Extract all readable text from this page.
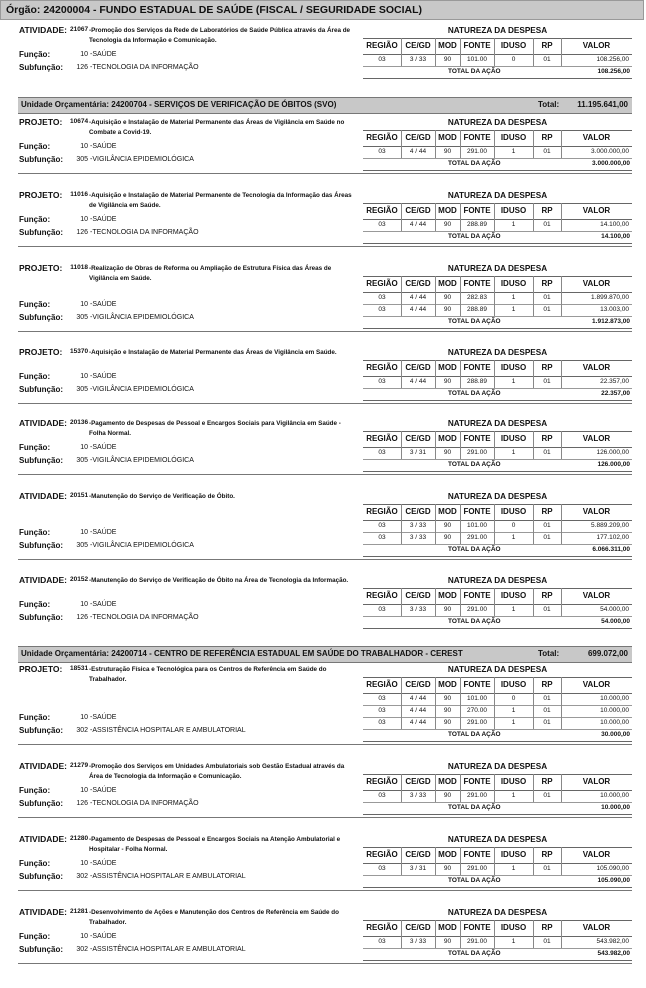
Órgão: 24200004 - FUNDO ESTADUAL DE SAÚDE (FISCAL / SEGURIDADE SOCIAL)
Unidade Orçamentária: 24200704 - SERVIÇOS DE VERIFICAÇÃO DE ÓBITOS (SVO)	Total: 11.195.641,00
Unidade Orçamentária: 24200714 - CENTRO DE REFERÊNCIA ESTADUAL EM SAÚDE DO TRABALHADOR - CEREST	Total:	699.072,00
ATIVIDADE: 21067 -Promoção dos Serviços da Rede de Laboratórios de Saúde Pública através da Área de Tecnologia da Informação e Comunicação.
NATUREZA DA DESPESA
REGIÃO CE/GD MOD FONTE	IDUSO	RP	VALOR
03	3 / 33	90	101.00	0	01	108.256,00
TOTAL DA AÇÃO	108.256,00
Função:	10 -SAÚDE
Subfunção:	126 -TECNOLOGIA DA INFORMAÇÃO
PROJETO: 10674 -Aquisição e Instalação de Material Permanente das Áreas de Vigilância em Saúde no Combate a Covid-19.
NATUREZA DA DESPESA
REGIÃO CE/GD MOD FONTE	IDUSO	RP	VALOR
03	4 / 44	90	291.00	1	01	3.000.000,00
TOTAL DA AÇÃO	3.000.000,00
Função:	10 -SAÚDE
Subfunção:	305 -VIGILÂNCIA EPIDEMIOLÓGICA
PROJETO: 11016 -Aquisição e Instalação de Material Permanente de Tecnologia da Informação das Áreas de Vigilância em Saúde.
NATUREZA DA DESPESA
REGIÃO CE/GD MOD FONTE	IDUSO	RP	VALOR
03	4 / 44	90	288.89	1	01	14.100,00
TOTAL DA AÇÃO	14.100,00
Função:	10 -SAÚDE
Subfunção:	126 -TECNOLOGIA DA INFORMAÇÃO
PROJETO: 11018 -Realização de Obras de Reforma ou Ampliação de Estrutura Física das Áreas de Vigilância em Saúde.
NATUREZA DA DESPESA
REGIÃO CE/GD MOD FONTE	IDUSO	RP	VALOR
03	4 / 44	90	282.83	1	01	1.899.870,00
03	4 / 44	90	288.89	1	01	13.003,00
TOTAL DA AÇÃO	1.912.873,00
Função:	10 -SAÚDE
Subfunção:	305 -VIGILÂNCIA EPIDEMIOLÓGICA
PROJETO: 15370 -Aquisição e Instalação de Material Permanente das Áreas de Vigilância em Saúde.	NATUREZA DA DESPESA
REGIÃO CE/GD MOD FONTE	IDUSO	RP	VALOR
03	4 / 44	90	288.89	1	01	22.357,00
TOTAL DA AÇÃO	22.357,00
Função:	10 -SAÚDE
Subfunção:	305 -VIGILÂNCIA EPIDEMIOLÓGICA
ATIVIDADE: 20136 -Pagamento de Despesas de Pessoal e Encargos Sociais para Vigilância em Saúde - Folha Normal.
NATUREZA DA DESPESA
REGIÃO CE/GD MOD FONTE	IDUSO	RP	VALOR
03	3 / 31	90	291.00	1	01	126.000,00
TOTAL DA AÇÃO	126.000,00
Função:	10 -SAÚDE
Subfunção:	305 -VIGILÂNCIA EPIDEMIOLÓGICA
ATIVIDADE: 20151 -Manutenção do Serviço de Verificação de Óbito.	NATUREZA DA DESPESA
REGIÃO CE/GD MOD FONTE	IDUSO	RP	VALOR
03	3 / 33	90	101.00	0	01	5.889.209,00
03	3 / 33	90	291.00	1	01	177.102,00
TOTAL DA AÇÃO	6.066.311,00
Função:	10 -SAÚDE
Subfunção:	305 -VIGILÂNCIA EPIDEMIOLÓGICA
ATIVIDADE: 20152 -Manutenção do Serviço de Verificação de Óbito na Área de Tecnologia da Informação.	NATUREZA DA DESPESA
REGIÃO CE/GD MOD FONTE	IDUSO	RP	VALOR
03	3 / 33	90	291.00	1	01	54.000,00
TOTAL DA AÇÃO	54.000,00
Função:	10 -SAÚDE
Subfunção:	126 -TECNOLOGIA DA INFORMAÇÃO
PROJETO: 18531 -Estruturação Física e Tecnológica para os Centros de Referência em Saúde do Trabalhador.
NATUREZA DA DESPESA
REGIÃO CE/GD MOD FONTE	IDUSO	RP	VALOR
03	4 / 44	90	101.00	0	01	10.000,00
03	4 / 44	90	270.00	1	01	10.000,00
03	4 / 44	90	291.00	1	01	10.000,00
TOTAL DA AÇÃO	30.000,00
Função:	10 -SAÚDE
Subfunção:	302 -ASSISTÊNCIA HOSPITALAR E AMBULATORIAL
ATIVIDADE: 21279 -Promoção dos Serviços em Unidades Ambulatoriais sob Gestão Estadual através da Área de Tecnologia da Informação e Comunicação.
NATUREZA DA DESPESA
REGIÃO CE/GD MOD FONTE	IDUSO	RP	VALOR
03	3 / 33	90	291.00	1	01	10.000,00
TOTAL DA AÇÃO	10.000,00
Função:	10 -SAÚDE
Subfunção:	126 -TECNOLOGIA DA INFORMAÇÃO
ATIVIDADE: 21280 -Pagamento de Despesas de Pessoal e Encargos Sociais na Atenção Ambulatorial e Hospitalar - Folha Normal.
NATUREZA DA DESPESA
REGIÃO CE/GD MOD FONTE	IDUSO	RP	VALOR
03	3 / 31	90	291.00	1	01	105.090,00
TOTAL DA AÇÃO	105.090,00
Função:	10 -SAÚDE
Subfunção:	302 -ASSISTÊNCIA HOSPITALAR E AMBULATORIAL
ATIVIDADE: 21281 -Desenvolvimento de Ações e Manutenção dos Centros de Referência em Saúde do Trabalhador.
NATUREZA DA DESPESA
REGIÃO CE/GD MOD FONTE	IDUSO	RP	VALOR
03	3 / 33	90	291.00	1	01	543.982,00
TOTAL DA AÇÃO	543.982,00
Função:	10 -SAÚDE
Subfunção:	302 -ASSISTÊNCIA HOSPITALAR E AMBULATORIAL
